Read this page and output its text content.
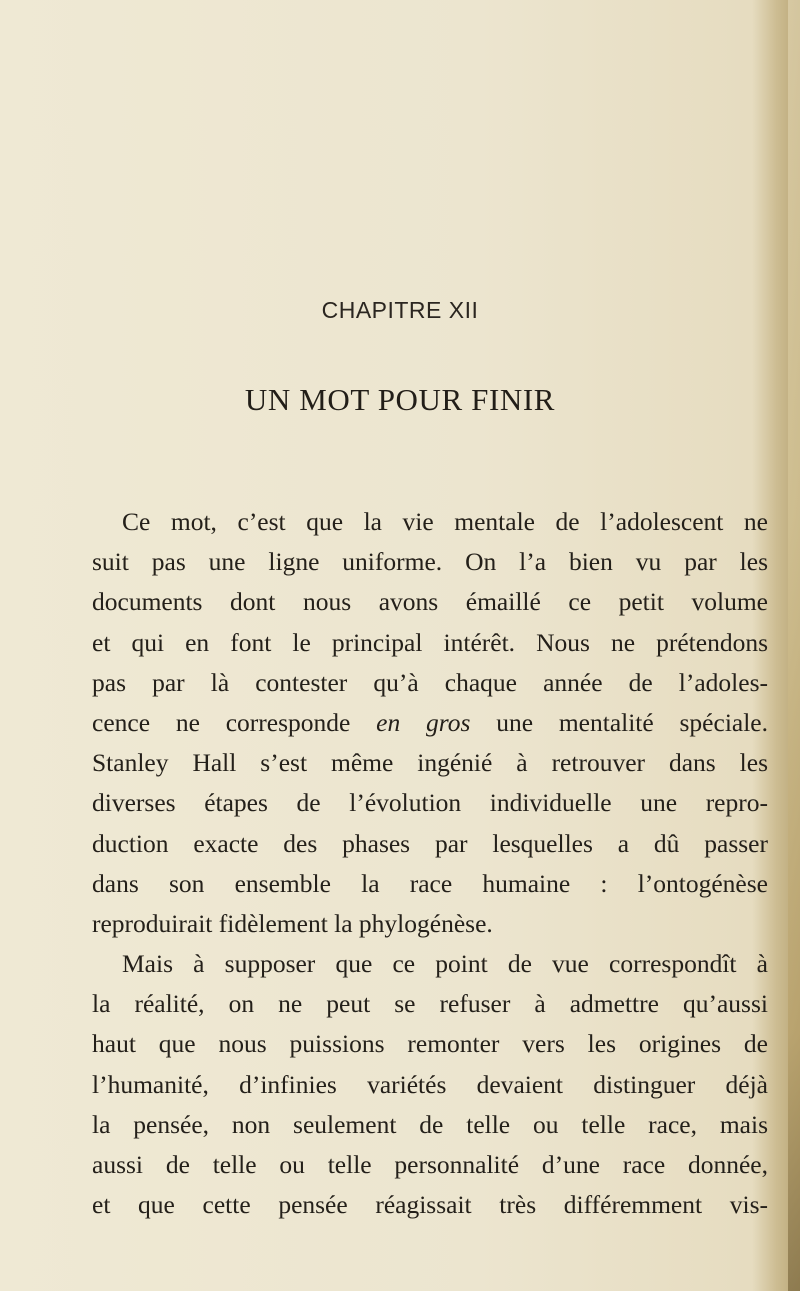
CHAPITRE XII
UN MOT POUR FINIR
Ce mot, c’est que la vie mentale de l’adolescent ne
suit pas une ligne uniforme. On l’a bien vu par les
documents dont nous avons émaillé ce petit volume
et qui en font le principal intérêt. Nous ne prétendons
pas par là contester qu’à chaque année de l’adoles-
cence ne corresponde en gros une mentalité spéciale.
Stanley Hall s’est même ingénié à retrouver dans les
diverses étapes de l’évolution individuelle une repro-
duction exacte des phases par lesquelles a dû passer
dans son ensemble la race humaine : l’ontogénèse
reproduirait fidèlement la phylogénèse.
Mais à supposer que ce point de vue correspondît à
la réalité, on ne peut se refuser à admettre qu’aussi
haut que nous puissions remonter vers les origines de
l’humanité, d’infinies variétés devaient distinguer déjà
la pensée, non seulement de telle ou telle race, mais
aussi de telle ou telle personnalité d’une race donnée,
et que cette pensée réagissait très différemment vis-
